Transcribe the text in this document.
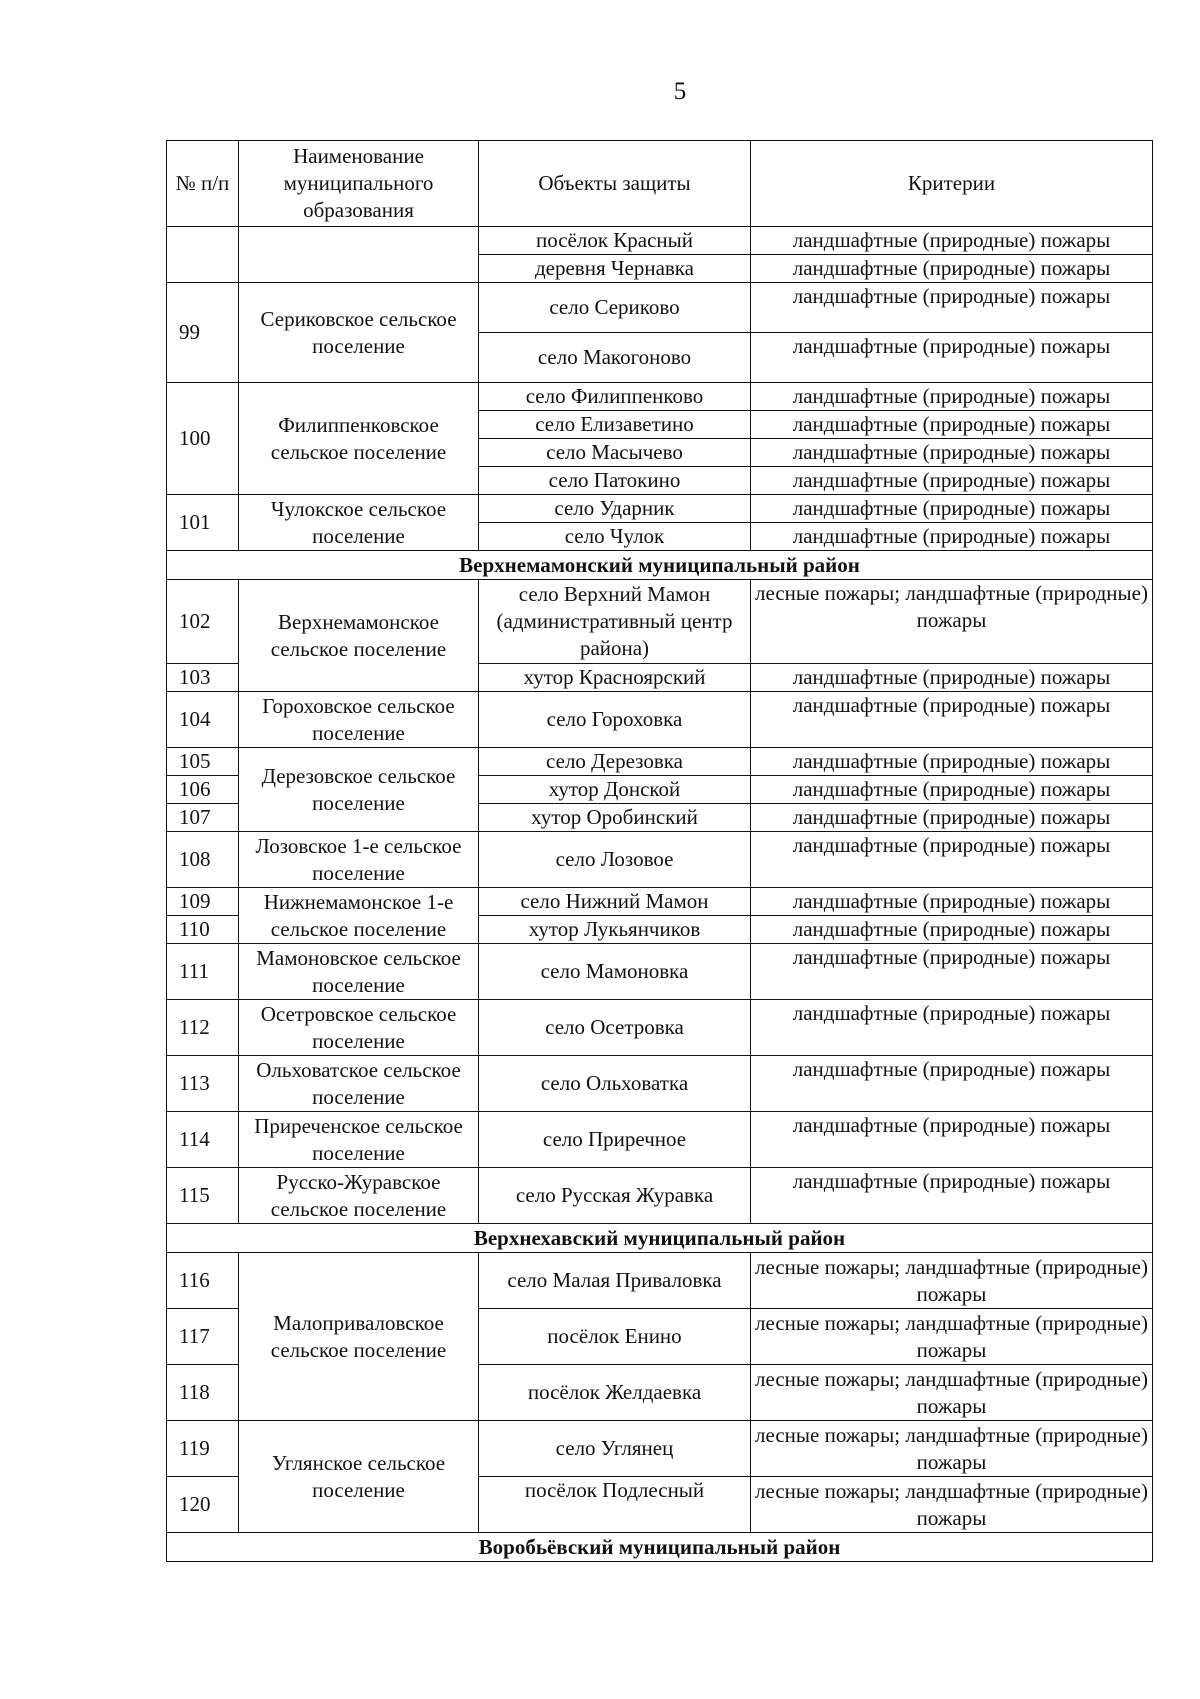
5
№ п/п	Наименование муниципального образования	Объекты защиты	Критерии
		посёлок Красный	ландшафтные (природные) пожары
		деревня Чернавка	ландшафтные (природные) пожары
99	Сериковское сельское поселение	село Сериково	ландшафтные (природные) пожары
		село Макогоново	ландшафтные (природные) пожары
100	Филиппенковское сельское поселение	село Филиппенково	ландшафтные (природные) пожары
		село Елизаветино	ландшафтные (природные) пожары
		село Масычево	ландшафтные (природные) пожары
		село Патокино	ландшафтные (природные) пожары
101	Чулокское сельское поселение	село Ударник	ландшафтные (природные) пожары
		село Чулок	ландшафтные (природные) пожары
Верхнемамонский муниципальный район			
102	Верхнемамонское сельское поселение	село Верхний Мамон (административный центр района)	лесные пожары; ландшафтные (природные) пожары
103		хутор Красноярский	ландшафтные (природные) пожары
104	Гороховское сельское поселение	село Гороховка	ландшафтные (природные) пожары
105	Дерезовское сельское поселение	село Дерезовка	ландшафтные (природные) пожары
106		хутор Донской	ландшафтные (природные) пожары
107		хутор Оробинский	ландшафтные (природные) пожары
108	Лозовское 1-е сельское поселение	село Лозовое	ландшафтные (природные) пожары
109	Нижнемамонское 1-е сельское поселение	село Нижний Мамон	ландшафтные (природные) пожары
110		хутор Лукьянчиков	ландшафтные (природные) пожары
111	Мамоновское сельское поселение	село Мамоновка	ландшафтные (природные) пожары
112	Осетровское сельское поселение	село Осетровка	ландшафтные (природные) пожары
113	Ольховатское сельское поселение	село Ольховатка	ландшафтные (природные) пожары
114	Приреченское сельское поселение	село Приречное	ландшафтные (природные) пожары
115	Русско-Журавское сельское поселение	село Русская Журавка	ландшафтные (природные) пожары
Верхнехавский муниципальный район			
116	Малоприваловское сельское поселение	село Малая Приваловка	лесные пожары; ландшафтные (природные) пожары
117		посёлок Енино	лесные пожары; ландшафтные (природные) пожары
118		посёлок Желдаевка	лесные пожары; ландшафтные (природные) пожары
119	Углянское сельское поселение	село Углянец	лесные пожары; ландшафтные (природные) пожары
120		посёлок Подлесный	лесные пожары; ландшафтные (природные) пожары
Воробьёвский муниципальный район			
